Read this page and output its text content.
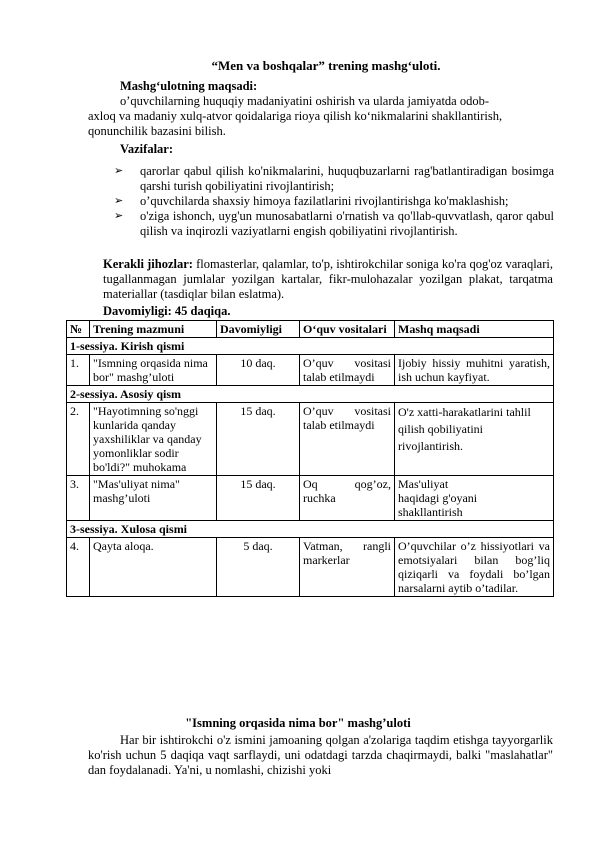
“Men va boshqalar” trening mashg‘uloti.
Mashg‘ulotning maqsadi:
o’quvchilarning huquqiy madaniyatini oshirish va ularda jamiyatda odob-
axloq va madaniy xulq-atvor qoidalariga rioya qilish ko‘nikmalarini shakllantirish,
qonunchilik bazasini bilish.
Vazifalar:
➢ qarorlar qabul qilish ko'nikmalarini, huquqbuzarlarni rag'batlantiradigan bosimga qarshi turish qobiliyatini rivojlantirish;
➢ o’quvchilarda shaxsiy himoya fazilatlarini rivojlantirishga ko'maklashish;
➢ o'ziga ishonch, uyg'un munosabatlarni o'rnatish va qo'llab-quvvatlash, qaror qabul qilish va inqirozli vaziyatlarni engish qobiliyatini rivojlantirish.
Kerakli jihozlar: flomasterlar, qalamlar, to'p, ishtirokchilar soniga ko'ra qog'oz varaqlari, tugallanmagan jumlalar yozilgan kartalar, fikr-mulohazalar yozilgan plakat, tarqatma materiallar (tasdiqlar bilan eslatma).
Davomiyligi: 45 daqiqa.
№	Trening mazmuni	Davomiyligi	O‘quv vositalari	Mashq maqsadi
1-sessiya. Kirish qismi				
1.	"Ismning orqasida nima bor" mashg’uloti	10 daq.	O’quv vositasi talab etilmaydi	Ijobiy hissiy muhitni yaratish, ish uchun kayfiyat.
2-sessiya. Asosiy qism				
2.	"Hayotimning so'nggi kunlarida qanday yaxshiliklar va qanday yomonliklar sodir bo'ldi?" muhokama	15 daq.	O’quv vositasi talab etilmaydi	O'z xatti-harakatlarini tahlil qilish qobiliyatini rivojlantirish.
3.	"Mas'uliyat nima" mashg’uloti	15 daq.	Oq qog’oz, ruchka	Mas'uliyat haqidagi g'oyani shakllantirish
3-sessiya. Xulosa qismi				
4.	Qayta aloqa.	5 daq.	Vatman, rangli markerlar	O’quvchilar o’z hissiyotlari va emotsiyalari bilan bog’liq qiziqarli va foydali bo’lgan narsalarni aytib o’tadilar.
"Ismning orqasida nima bor" mashg’uloti
Har bir ishtirokchi o'z ismini jamoaning qolgan a'zolariga taqdim etishga tayyorgarlik ko'rish uchun 5 daqiqa vaqt sarflaydi, uni odatdagi tarzda chaqirmaydi, balki "maslahatlar" dan foydalanadi. Ya'ni, u nomlashi, chizishi yoki
